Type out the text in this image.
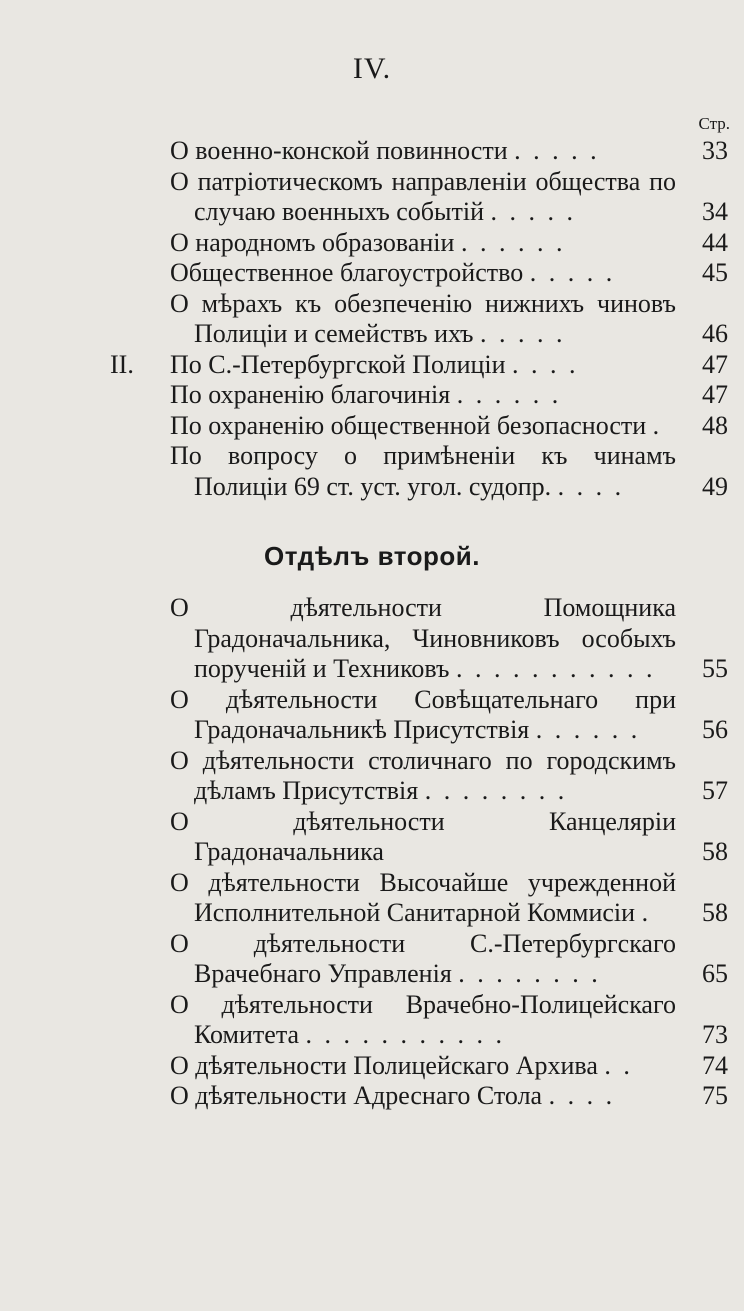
IV.
Стр.
О военно-конской повинности . . . . .	33
О патріотическомъ направленіи общества по случаю военныхъ событій . . . . .	34
О народномъ образованіи . . . . . .	44
Общественное благоустройство . . . . .	45
О мѣрахъ къ обезпеченію нижнихъ чиновъ Полиціи и семействъ ихъ . . . . .	46
II.	По С.-Петербургской Полиціи . . . .	47
По охраненію благочинія . . . . . .	47
По охраненію общественной безопасности .	48
По вопросу о примѣненіи къ чинамъ Полиціи 69 ст. уст. угол. судопр. . . . .	49
Отдѣлъ второй.
О дѣятельности Помощника Градоначальника, Чиновниковъ особыхъ порученій и Техниковъ . . . . . . . . . . .	55
О дѣятельности Совѣщательнаго при Градоначальникѣ Присутствія . . . . . .	56
О дѣятельности столичнаго по городскимъ дѣламъ Присутствія . . . . . . . .	57
О дѣятельности Канцеляріи Градоначальника	58
О дѣятельности Высочайше учрежденной Исполнительной Санитарной Коммисіи .	58
О дѣятельности С.-Петербургскаго Врачебнаго Управленія . . . . . . . .	65
О дѣятельности Врачебно-Полицейскаго Комитета . . . . . . . . . . .	73
О дѣятельности Полицейскаго Архива . .	74
О дѣятельности Адреснаго Стола . . . .	75
